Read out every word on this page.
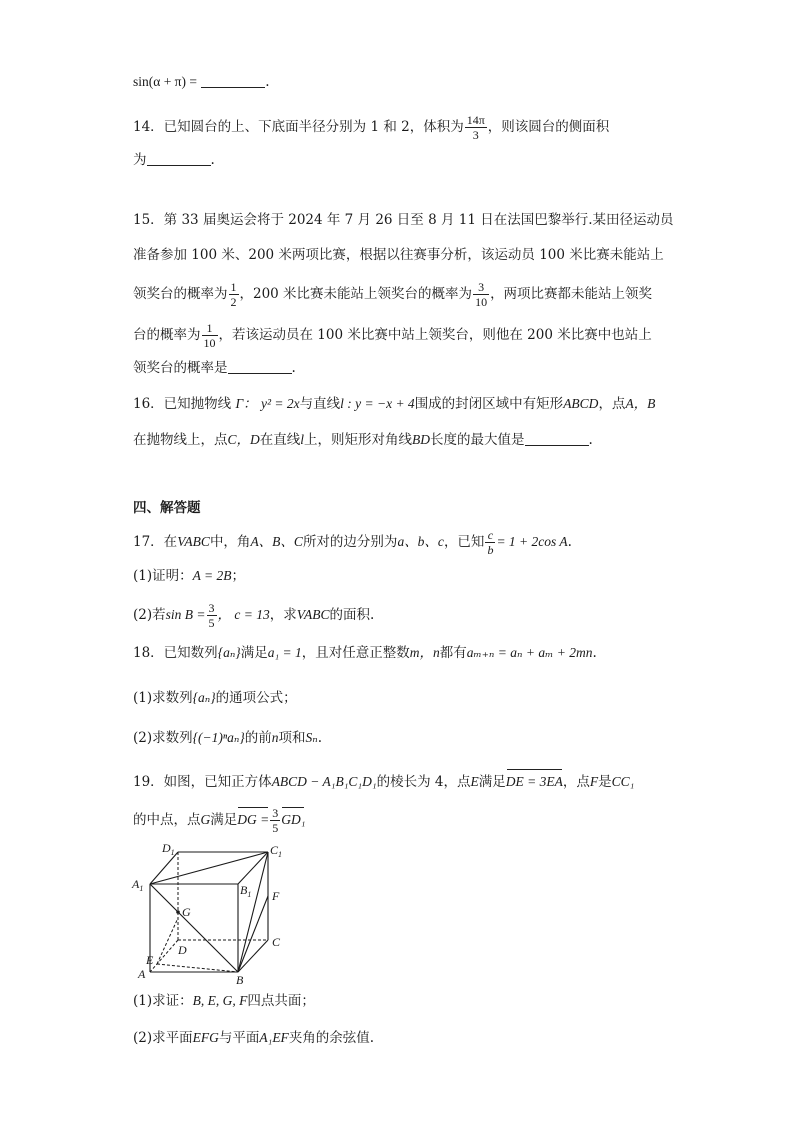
sin(α + π) =	.
14．已知圆台的上、下底面半径分别为 1 和 2，体积为 $\frac{14\pi}{3}$ ，则该圆台的侧面积
为	.
15．第 33 届奥运会将于 2024 年 7 月 26 日至 8 月 11 日在法国巴黎举行.某田径运动员
准备参加 100 米、200 米两项比赛，根据以往赛事分析，该运动员 100 米比赛未能站上
领奖台的概率为 $\frac{1}{2}$ ，200 米比赛未能站上领奖台的概率为 $\frac{3}{10}$ ，两项比赛都未能站上领奖
台的概率为 $\frac{1}{10}$ ，若该运动员在 100 米比赛中站上领奖台，则他在 200 米比赛中也站上
领奖台的概率是	.
16．已知抛物线 Γ： y² = 2x与直线l : y = −x + 4围成的封闭区域中有矩形ABCD，点A，B
在抛物线上，点C，D在直线l上，则矩形对角线BD长度的最大值是	.
四、解答题
17．在VABC中，角A、B、C所对的边分别为a、b、c，已知 $\frac{c}{b} = 1 + 2\cos$ A.
(1)证明：A = 2B；
(2)若$\sin B = \frac{3}{5}$ ， c = 13，求VABC的面积.
18．已知数列{aₙ}满足a₁ = 1，且对任意正整数m，n都有aₘ₊ₙ = aₙ + aₘ + 2mn.
(1)求数列{aₙ}的通项公式；
(2)求数列{(−1)ⁿaₙ}的前n项和Sₙ.
19．如图，已知正方体ABCD − A₁B₁C₁D₁的棱长为 4，点E满足DE = 3EA，点F是CC₁
的中点，点G满足DG = $\frac{3}{5} GD_1$
$D_1$	$C_1$
$A_1$	$B_1$
G
F
D
C
E
A	B
(1)求证：B, E, G, F四点共面；
(2)求平面EFG与平面A₁EF夹角的余弦值.
